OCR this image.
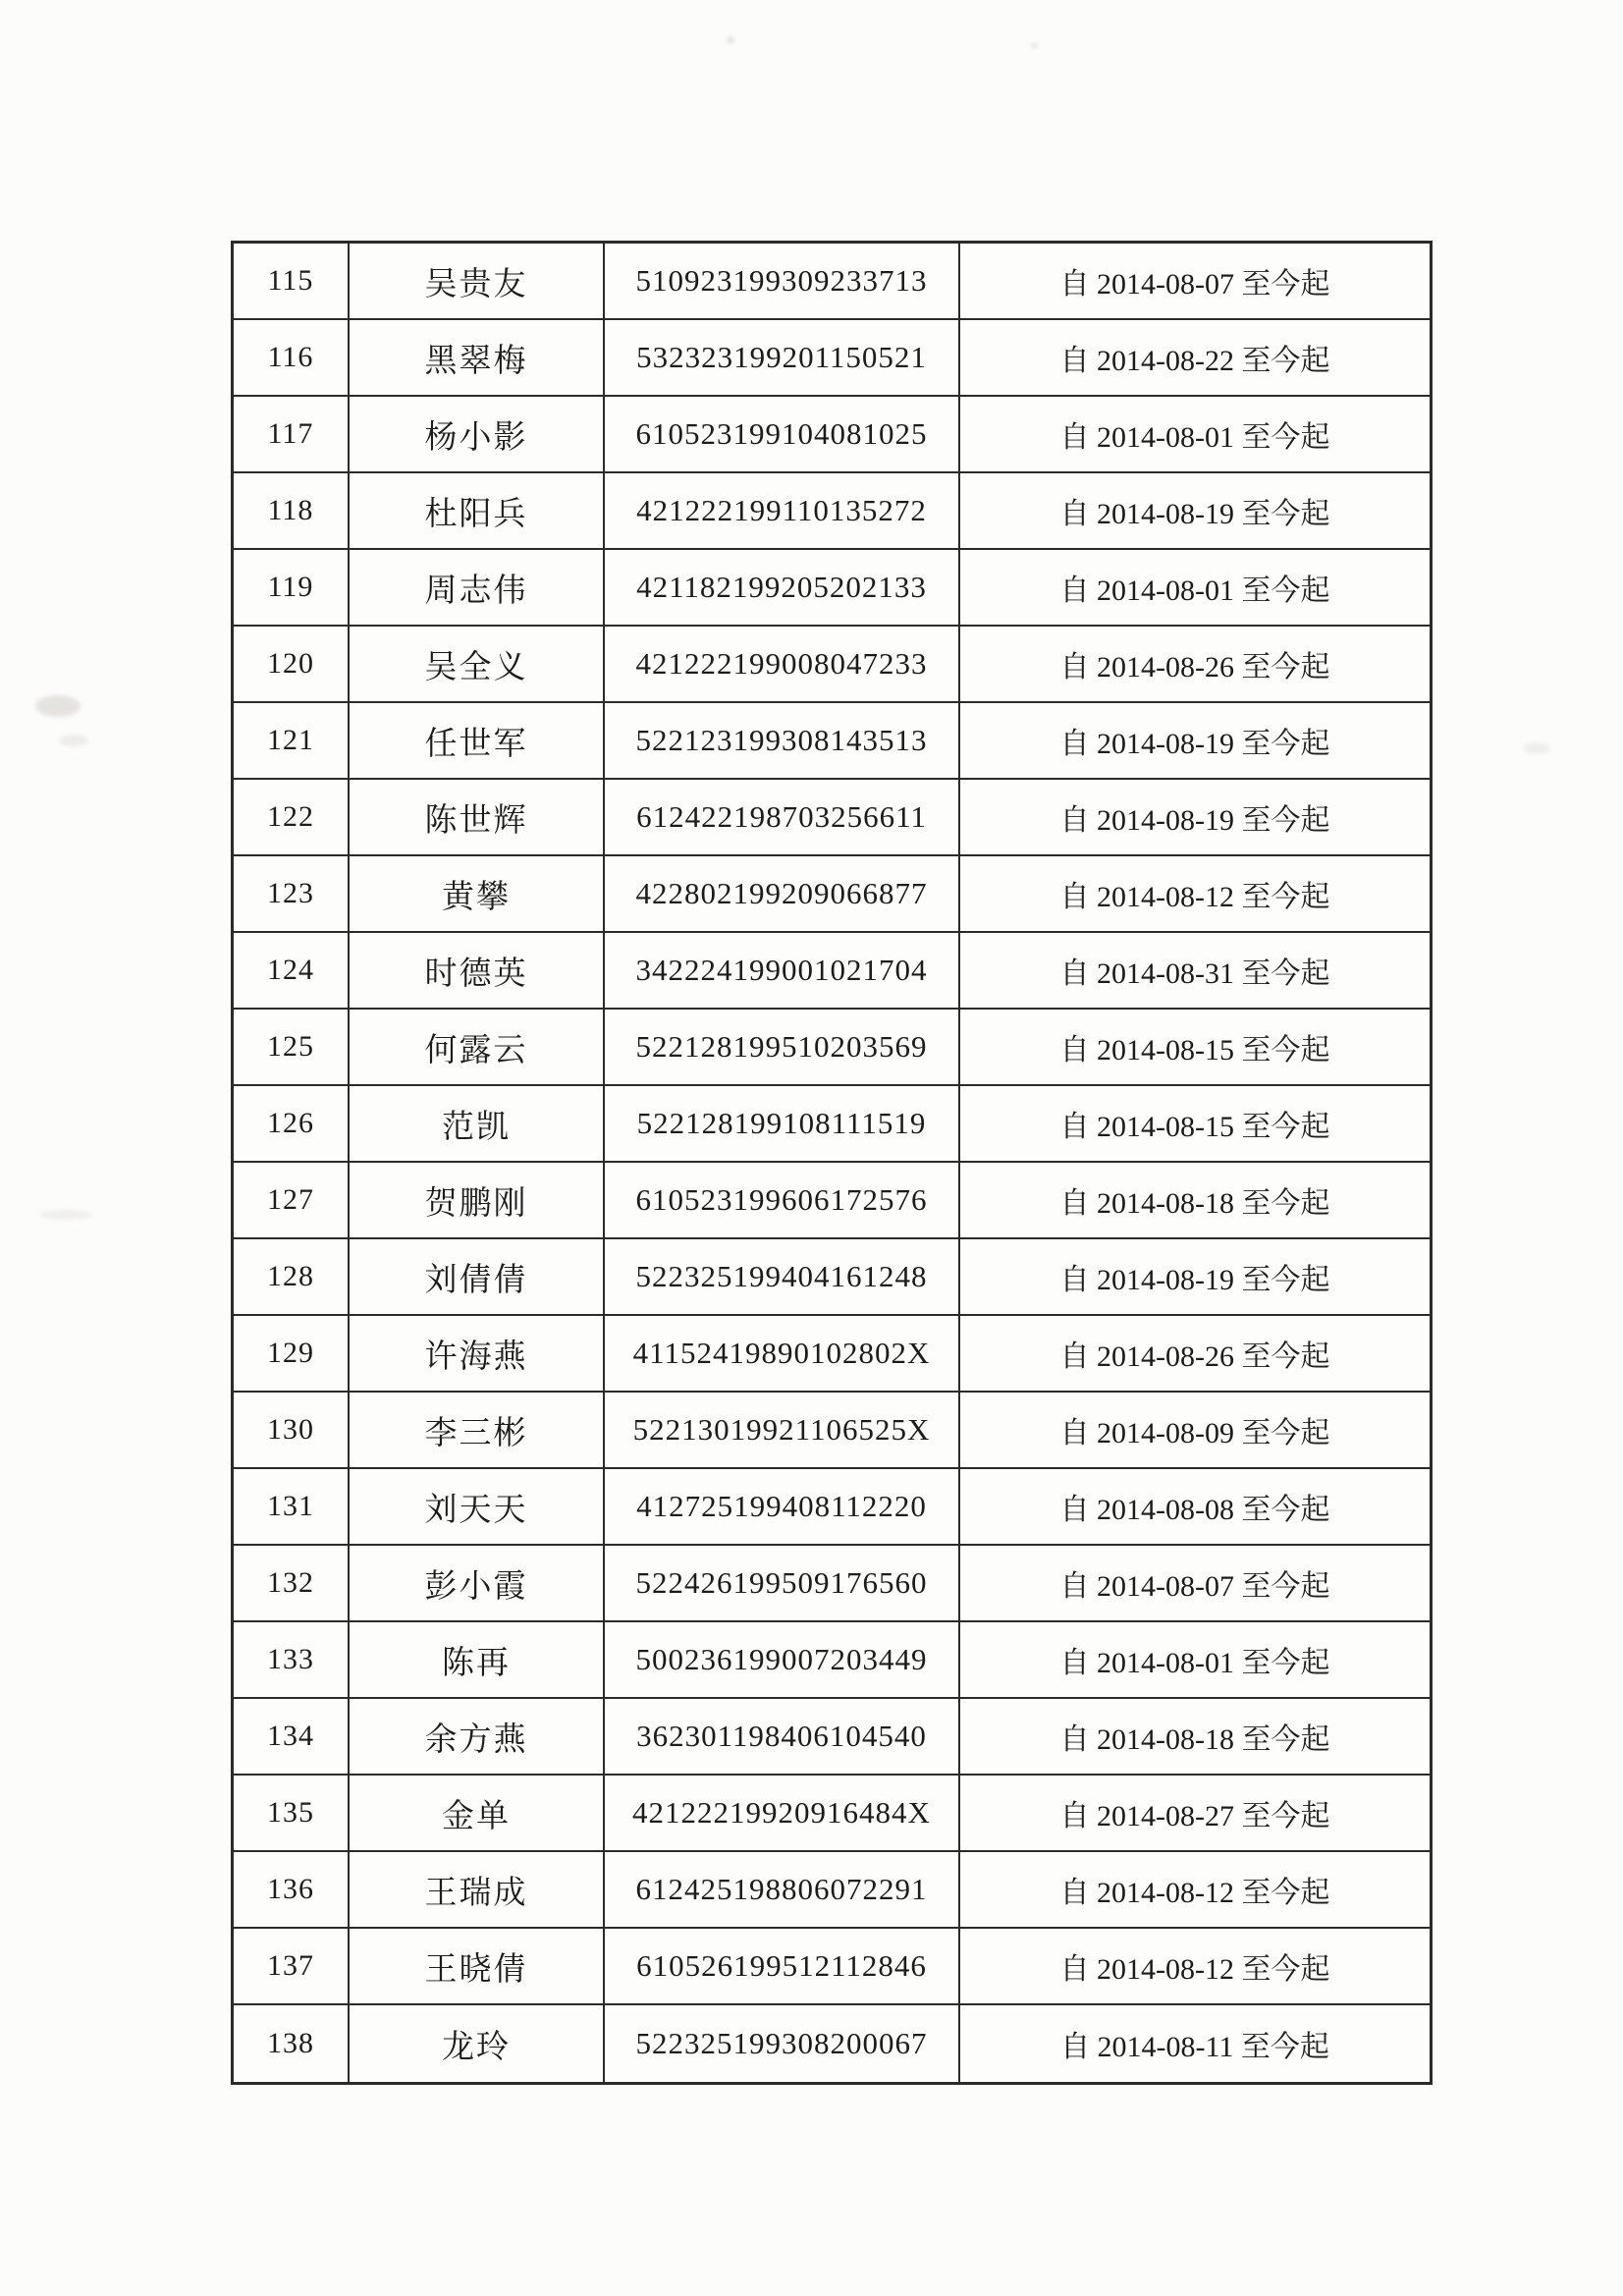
115	吴贵友	510923199309233713	自 2014-08-07 至今起
116	黑翠梅	532323199201150521	自 2014-08-22 至今起
117	杨小影	610523199104081025	自 2014-08-01 至今起
118	杜阳兵	421222199110135272	自 2014-08-19 至今起
119	周志伟	421182199205202133	自 2014-08-01 至今起
120	吴全义	421222199008047233	自 2014-08-26 至今起
121	任世军	522123199308143513	自 2014-08-19 至今起
122	陈世辉	612422198703256611	自 2014-08-19 至今起
123	黄攀	422802199209066877	自 2014-08-12 至今起
124	时德英	342224199001021704	自 2014-08-31 至今起
125	何露云	522128199510203569	自 2014-08-15 至今起
126	范凯	522128199108111519	自 2014-08-15 至今起
127	贺鹏刚	610523199606172576	自 2014-08-18 至今起
128	刘倩倩	522325199404161248	自 2014-08-19 至今起
129	许海燕	41152419890102802X	自 2014-08-26 至今起
130	李三彬	52213019921106525X	自 2014-08-09 至今起
131	刘天天	412725199408112220	自 2014-08-08 至今起
132	彭小霞	522426199509176560	自 2014-08-07 至今起
133	陈再	500236199007203449	自 2014-08-01 至今起
134	余方燕	362301198406104540	自 2014-08-18 至今起
135	金单	42122219920916484X	自 2014-08-27 至今起
136	王瑞成	612425198806072291	自 2014-08-12 至今起
137	王晓倩	610526199512112846	自 2014-08-12 至今起
138	龙玲	522325199308200067	自 2014-08-11 至今起
